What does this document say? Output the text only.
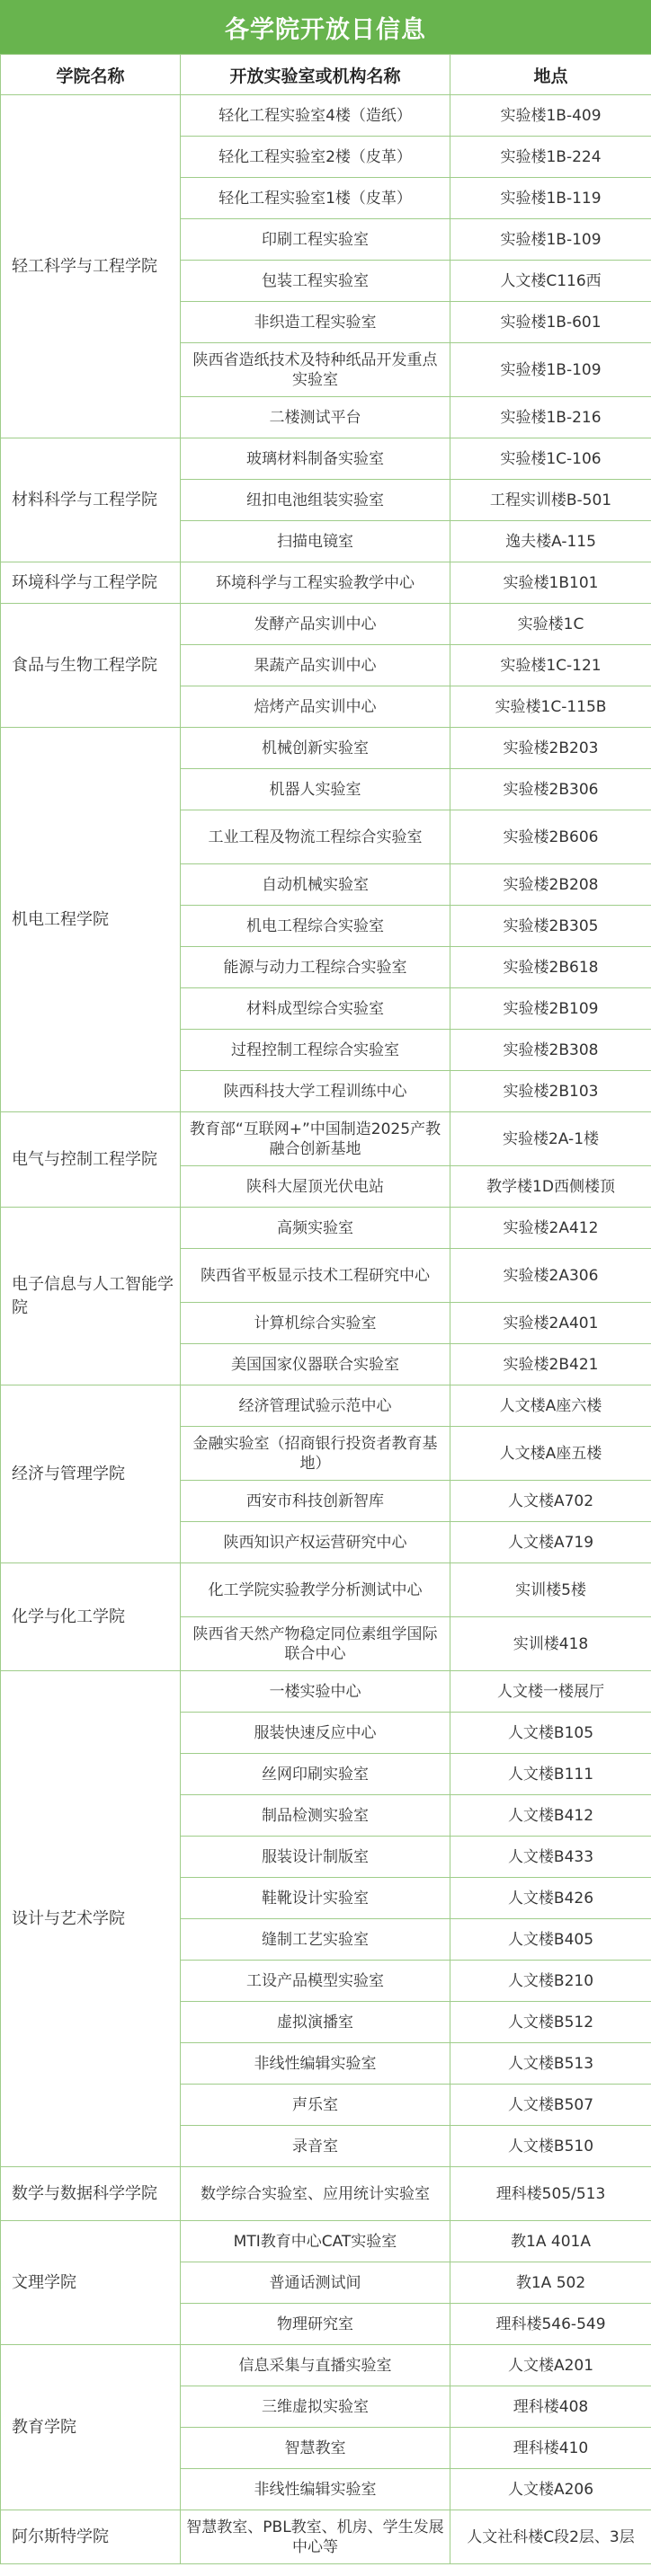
各学院开放日信息
学院名称	开放实验室或机构名称	地点
轻工科学与工程学院	轻化工程实验室4楼（造纸）	实验楼1B-409
	轻化工程实验室2楼（皮革）	实验楼1B-224
	轻化工程实验室1楼（皮革）	实验楼1B-119
	印刷工程实验室	实验楼1B-109
	包装工程实验室	人文楼C116西
	非织造工程实验室	实验楼1B-601
	陕西省造纸技术及特种纸品开发重点实验室	实验楼1B-109
	二楼测试平台	实验楼1B-216
材料科学与工程学院	玻璃材料制备实验室	实验楼1C-106
	纽扣电池组装实验室	工程实训楼B-501
	扫描电镜室	逸夫楼A-115
环境科学与工程学院	环境科学与工程实验教学中心	实验楼1B101
食品与生物工程学院	发酵产品实训中心	实验楼1C
	果蔬产品实训中心	实验楼1C-121
	焙烤产品实训中心	实验楼1C-115B
机电工程学院	机械创新实验室	实验楼2B203
	机器人实验室	实验楼2B306
	工业工程及物流工程综合实验室	实验楼2B606
	自动机械实验室	实验楼2B208
	机电工程综合实验室	实验楼2B305
	能源与动力工程综合实验室	实验楼2B618
	材料成型综合实验室	实验楼2B109
	过程控制工程综合实验室	实验楼2B308
	陕西科技大学工程训练中心	实验楼2B103
电气与控制工程学院	教育部“互联网+”中国制造2025产教融合创新基地	实验楼2A-1楼
	陕科大屋顶光伏电站	教学楼1D西侧楼顶
电子信息与人工智能学院	高频实验室	实验楼2A412
	陕西省平板显示技术工程研究中心	实验楼2A306
	计算机综合实验室	实验楼2A401
	美国国家仪器联合实验室	实验楼2B421
经济与管理学院	经济管理试验示范中心	人文楼A座六楼
	金融实验室（招商银行投资者教育基地）	人文楼A座五楼
	西安市科技创新智库	人文楼A702
	陕西知识产权运营研究中心	人文楼A719
化学与化工学院	化工学院实验教学分析测试中心	实训楼5楼
	陕西省天然产物稳定同位素组学国际联合中心	实训楼418
设计与艺术学院	一楼实验中心	人文楼一楼展厅
	服装快速反应中心	人文楼B105
	丝网印刷实验室	人文楼B111
	制品检测实验室	人文楼B412
	服装设计制版室	人文楼B433
	鞋靴设计实验室	人文楼B426
	缝制工艺实验室	人文楼B405
	工设产品模型实验室	人文楼B210
	虚拟演播室	人文楼B512
	非线性编辑实验室	人文楼B513
	声乐室	人文楼B507
	录音室	人文楼B510
数学与数据科学学院	数学综合实验室、应用统计实验室	理科楼505/513
文理学院	MTI教育中心CAT实验室	教1A 401A
	普通话测试间	教1A 502
	物理研究室	理科楼546-549
教育学院	信息采集与直播实验室	人文楼A201
	三维虚拟实验室	理科楼408
	智慧教室	理科楼410
	非线性编辑实验室	人文楼A206
阿尔斯特学院	智慧教室、PBL教室、机房、学生发展中心等	人文社科楼C段2层、3层
